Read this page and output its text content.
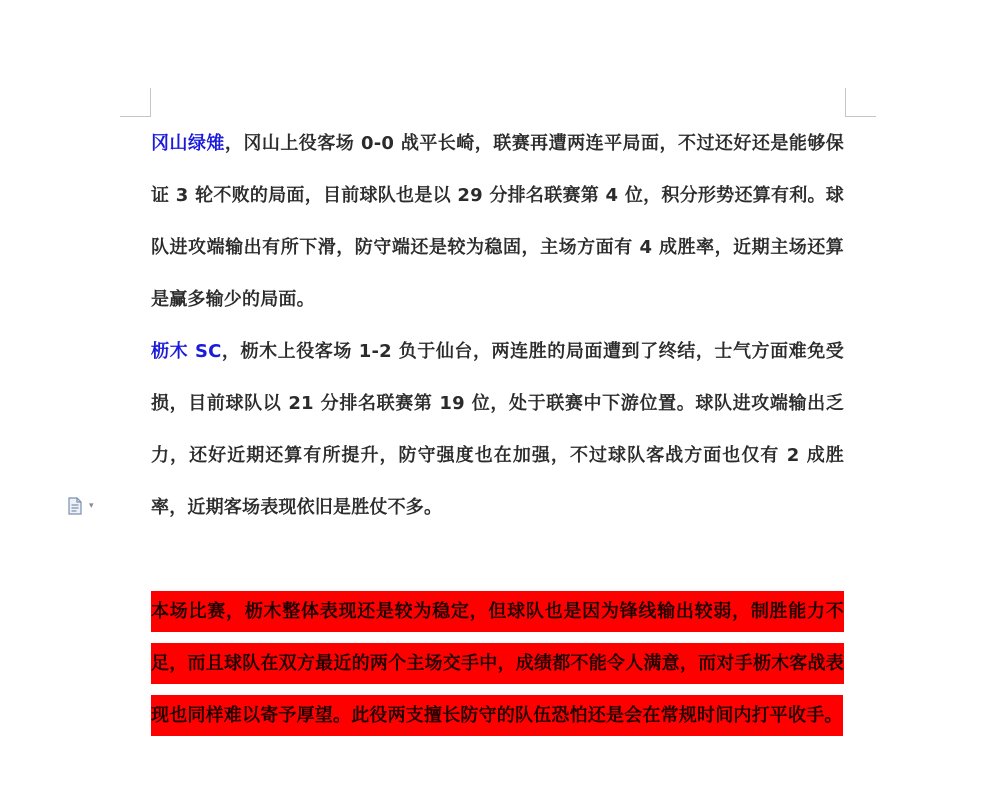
▾

冈山绿雉，冈山上役客场 0-0 战平长崎，联赛再遭两连平局面，不过还好还是能够保证 3 轮不败的局面，目前球队也是以 29 分排名联赛第 4 位，积分形势还算有利。球队进攻端输出有所下滑，防守端还是较为稳固，主场方面有 4 成胜率，近期主场还算是赢多输少的局面。

枥木 SC，枥木上役客场 1-2 负于仙台，两连胜的局面遭到了终结，士气方面难免受损，目前球队以 21 分排名联赛第 19 位，处于联赛中下游位置。球队进攻端输出乏力，还好近期还算有所提升，防守强度也在加强，不过球队客战方面也仅有 2 成胜率，近期客场表现依旧是胜仗不多。

本场比赛，枥木整体表现还是较为稳定，但球队也是因为锋线输出较弱，制胜能力不足，而且球队在双方最近的两个主场交手中，成绩都不能令人满意，而对手枥木客战表现也同样难以寄予厚望。此役两支擅长防守的队伍恐怕还是会在常规时间内打平收手。
